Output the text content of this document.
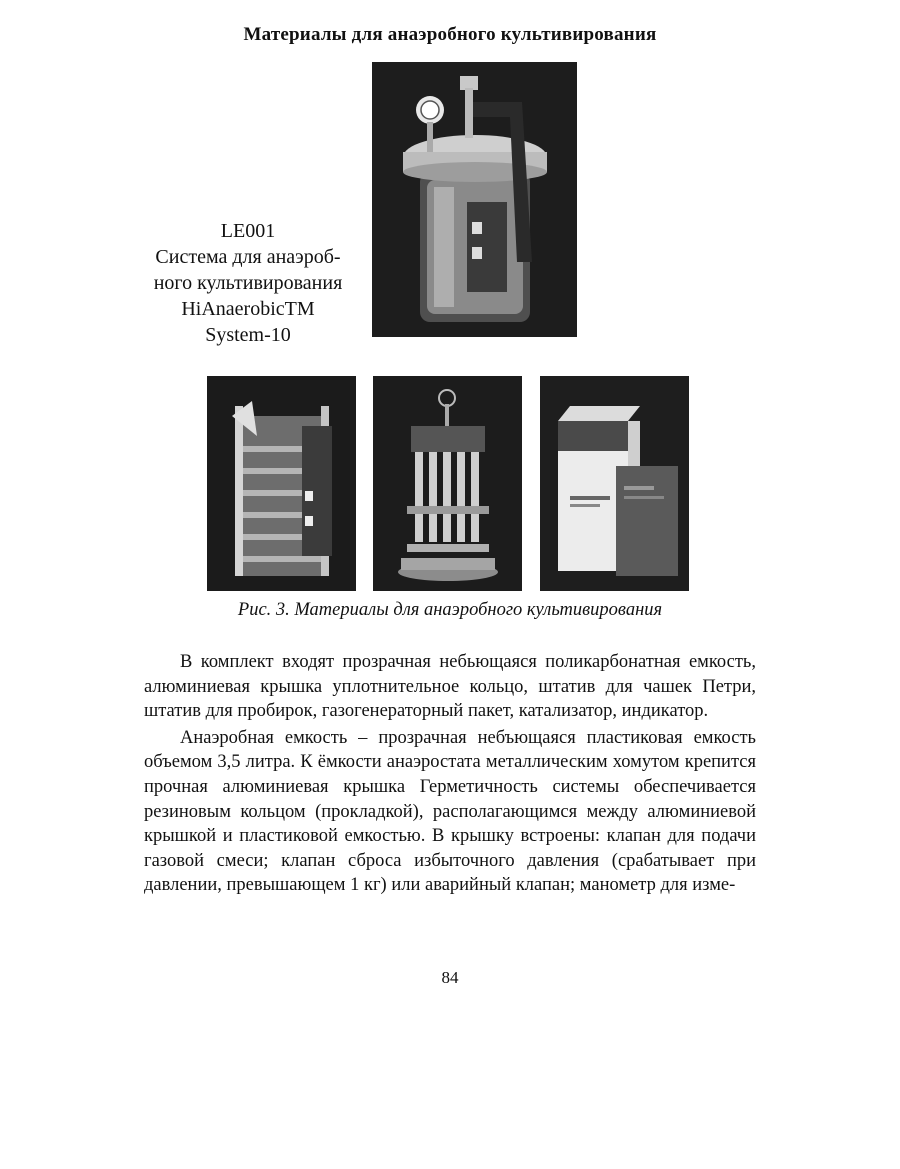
Материалы для анаэробного культивирования
LE001
Система для анаэроб-
ного культивирования
HiAnaerobicTM
System-10
Рис. 3. Материалы для анаэробного культивирования

В комплект входят прозрачная небьющаяся поликарбонатная емкость, алюминиевая крышка уплотнительное кольцо, штатив для чашек Петри, штатив для пробирок, газогенераторный пакет, катализатор, индикатор.

Анаэробная емкость – прозрачная небъющаяся пластиковая емкость объемом 3,5 литра. К ёмкости анаэростата металлическим хомутом крепится прочная алюминиевая крышка Герметичность системы обеспечивается резиновым кольцом (прокладкой), располагающимся между алюминиевой крышкой и пластиковой емкостью. В крышку встроены: клапан для подачи газовой смеси; клапан сброса избыточного давления (срабатывает при давлении, превышающем 1 кг) или аварийный клапан; манометр для изме-

84
